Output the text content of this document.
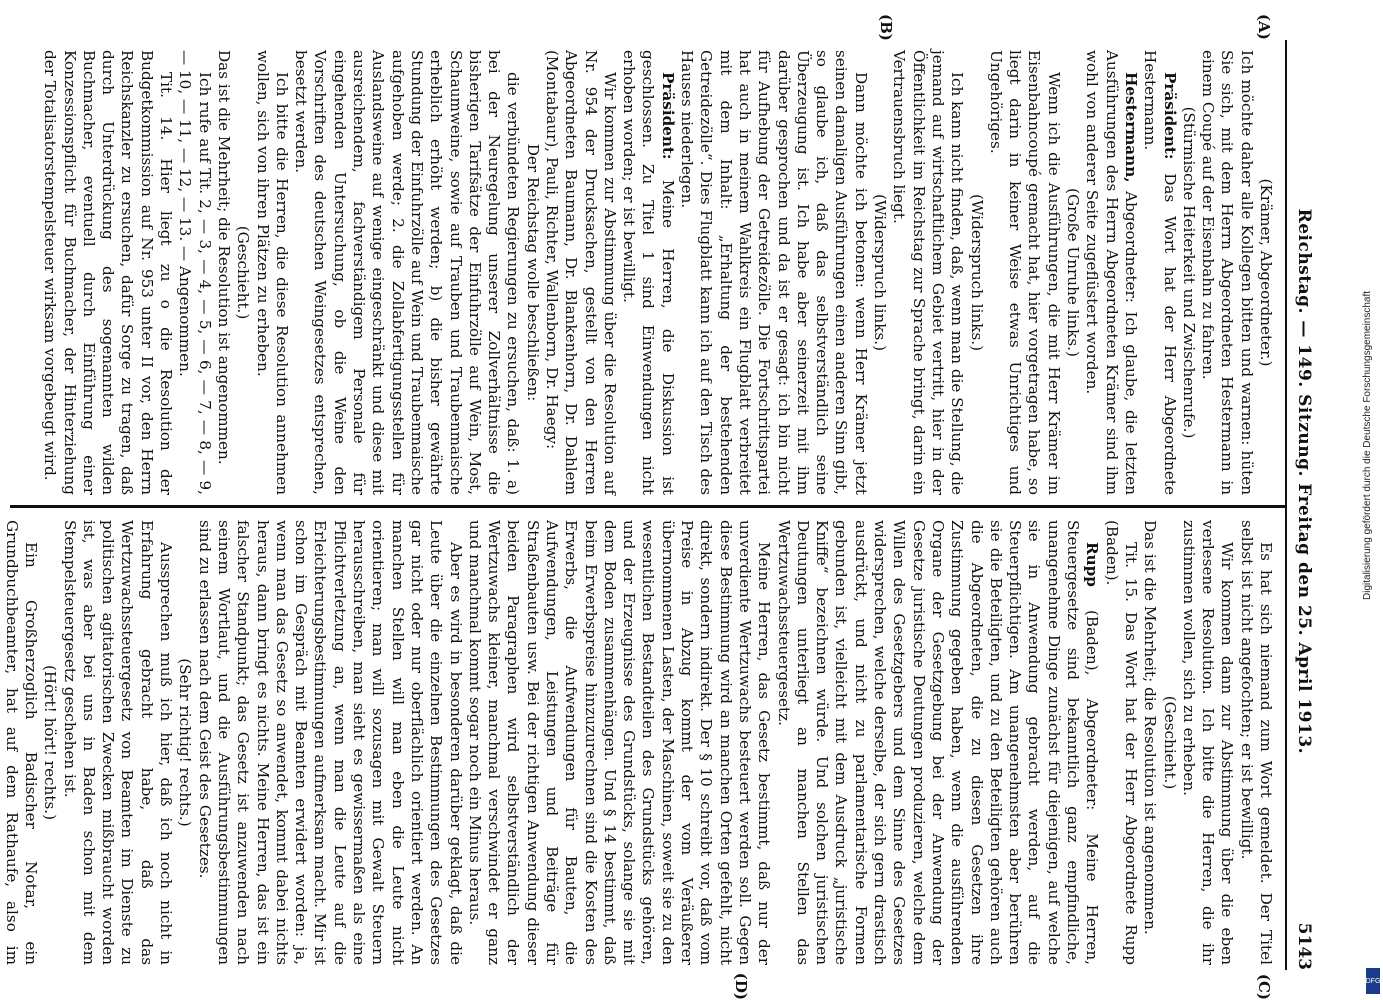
Reichstag. — 149. Sitzung. Freitag den 25. April 1913.
5143
(A)
(B)
(C)
(D)

(Krämer, Abgeordneter.)

Ich möchte daher alle Kollegen bitten und warnen: hüten Sie sich, mit dem Herrn Abgeordneten Hestermann in einem Coupé auf der Eisenbahn zu fahren.

(Stürmische Heiterkeit und Zwischenrufe.)

Präsident: Das Wort hat der Herr Abgeordnete Hestermann.

Hestermann, Abgeordneter: Ich glaube, die letzten Ausführungen des Herrn Abgeordneten Krämer sind ihm wohl von anderer Seite zugeflüstert worden.

(Große Unruhe links.)

Wenn ich die Ausführungen, die mit Herr Krämer im Eisenbahncoupé gemacht hat, hier vorgetragen habe, so liegt darin in keiner Weise etwas Unrichtiges und Ungehöriges.

(Widerspruch links.)

Ich kann nicht finden, daß, wenn man die Stellung, die jemand auf wirtschaftlichem Gebiet vertritt, hier in der Öffentlichkeit im Reichstag zur Sprache bringt, darin ein Vertrauensbruch liegt.

(Widerspruch links.)

Dann möchte ich betonen: wenn Herr Krämer jetzt seinen damaligen Ausführungen einen anderen Sinn gibt, so glaube ich, daß das selbstverständlich seine Überzeugung ist. Ich habe aber seinerzeit mit ihm darüber gesprochen und da ist er gesagt: ich bin nicht für Aufhebung der Getreidezölle. Die Fortschrittspartei hat auch in meinem Wahlkreis ein Flugblatt verbreitet mit dem Inhalt: „Erhaltung der bestehenden Getreidezölle“. Dies Flugblatt kann ich auf den Tisch des Hauses niederlegen.

Präsident: Meine Herren, die Diskussion ist geschlossen. Zu Titel 1 sind Einwendungen nicht erhoben worden; er ist bewilligt.

Wir kommen zur Abstimmung über die Resolution auf Nr. 954 der Drucksachen, gestellt von den Herren Abgeordneten Baumann, Dr. Blankenhorn, Dr. Dahlem (Montabaur), Pauli, Richter, Wallenborn, Dr. Haegy:

Der Reichstag wolle beschließen:

die verbündeten Regierungen zu ersuchen, daß: 1. a) bei der Neuregelung unserer Zollverhältnisse die bisherigen Tarifsätze der Einfuhrzölle auf Wein, Most, Schaumweine, sowie auf Trauben und Traubenmaische erheblich erhöht werden; b) die bisher gewährte Stundung der Einfuhrzölle auf Wein und Traubenmaische aufgehoben werde; 2. die Zollabfertigungsstellen für Auslandsweine auf wenige eingeschränkt und diese mit ausreichendem, fachverständigem Personale für eingehenden Untersuchung, ob die Weine den Vorschriften des deutschen Weingesetzes entsprechen, besetzt werden.

Ich bitte die Herren, die diese Resolution annehmen wollen, sich von ihren Plätzen zu erheben.

(Geschieht.)

Das ist die Mehrheit; die Resolution ist angenommen.

Ich rufe auf Tit. 2, — 3, — 4, — 5, — 6, — 7, — 8, — 9, — 10, — 11, — 12, — 13. — Angenommen.

Tit. 14. Hier liegt zu o die Resolution der Budgetkommission auf Nr. 953 unter II vor, den Herrn Reichskanzler zu ersuchen, dafür Sorge zu tragen, daß durch Unterdrückung des sogenannten wilden Buchmacher, eventuell durch Einführung einer Konzessionspflicht für Buchmacher, der Hinterziehung der Totalisatorstempelsteuer wirksam vorgebeugt wird.

Es hat sich niemand zum Wort gemeldet. Der Titel selbst ist nicht angefochten; er ist bewilligt.

Wir kommen dann zur Abstimmung über die eben verlesene Resolution. Ich bitte die Herren, die ihr zustimmen wollen, sich zu erheben.

(Geschieht.)

Das ist die Mehrheit; die Resolution ist angenommen.

Tit. 15. Das Wort hat der Herr Abgeordnete Rupp (Baden).

Rupp (Baden), Abgeordneter: Meine Herren, Steuergesetze sind bekanntlich ganz empfindliche, unangenehme Dinge zunächst für diejenigen, auf welche sie in Anwendung gebracht werden, auf die Steuerpflichtigen. Am unangenehmsten aber berühren sie die Beteiligten, und zu den Beteiligten gehören auch die Abgeordneten, die zu diesen Gesetzen ihre Zustimmung gegeben haben, wenn die ausführenden Organe der Gesetzgebung bei der Anwendung der Gesetze juristische Deutungen produzieren, welche dem Willen des Gesetzgebers und dem Sinne des Gesetzes widersprechen, welche derselbe, der sich gern drastisch ausdrückt, und nicht zu parlamentarische Formen gebunden ist, vielleicht mit dem Ausdruck „juristische Kniffe“ bezeichnen würde. Und solchen juristischen Deutungen unterliegt an manchen Stellen das Wertzuwachssteuergesetz.

Meine Herren, das Gesetz bestimmt, daß nur der unverdiente Wertzuwachs besteuert werden soll. Gegen diese Bestimmung wird an manchen Orten gefehlt, nicht direkt, sondern indirekt. Der § 10 schreibt vor, daß vom Preise in Abzug kommt der vom Veräußerer übernommenen Lasten, der Maschinen, soweit sie zu den wesentlichen Bestandteilen des Grundstücks gehören, und der Erzeugnisse des Grundstücks, solange sie mit dem Boden zusammenhängen. Und § 14 bestimmt, daß beim Erwerbspreise hinzuzurechnen sind die Kosten des Erwerbs, die Aufwendungen für Bauten, die Aufwendungen, Leistungen und Beiträge für Straßenbauten usw. Bei der richtigen Anwendung dieser beiden Paragraphen wird selbstverständlich der Wertzuwachs kleiner, manchmal verschwindet er ganz und manchmal kommt sogar noch ein Minus heraus.

Aber es wird in besonderen darüber geklagt, daß die Leute über die einzelnen Bestimmungen des Gesetzes gar nicht oder nur oberflächlich orientiert werden. An manchen Stellen will man eben die Leute nicht orientieren; man will sozusagen mit Gewalt Steuern herausschreiben, man sieht es gewissermaßen als eine Pflichtverletzung an, wenn man die Leute auf die Erleichterungsbestimmungen aufmerksam macht. Mir ist schon im Gespräch mit Beamten erwidert worden: ja, wenn man das Gesetz so anwendet, kommt dabei nichts heraus, dann bringt es nichts. Meine Herren, das ist ein falscher Standpunkt; das Gesetz ist anzuwenden nach seinem Wortlaut, und die Ausführungsbestimmungen sind zu erlassen nach dem Geist des Gesetzes.

(Sehr richtig! rechts.)

Aussprechen muß ich hier, daß ich noch nicht in Erfahrung gebracht habe, daß das Wertzuwachssteuergesetz von Beamten im Dienste zu politischen agitatorischen Zwecken mißbraucht worden ist, was aber bei uns in Baden schon mit dem Stempelsteuergesetz geschehen ist.

(Hört! hört! rechts.)

Ein Großherzoglich Badischer Notar, ein Grundbuchbeamter, hat auf dem Rathaufe, also im

Digitalisierung gefördert durch die Deutsche Forschungsgemeinschaft
DFG
